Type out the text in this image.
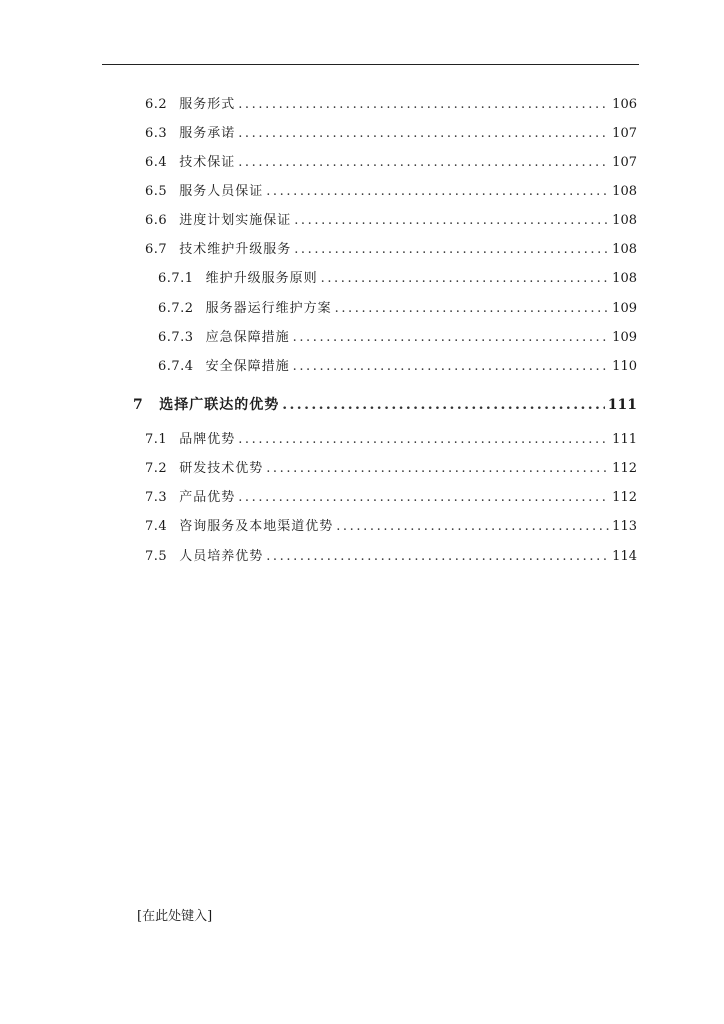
6.2 服务形式 .....	106
6.3 服务承诺 .....	107
6.4 技术保证 .....	107
6.5 服务人员保证 .....	108
6.6 进度计划实施保证 .....	108
6.7 技术维护升级服务 .....	108
6.7.1 维护升级服务原则 .....	108
6.7.2 服务器运行维护方案 .....	109
6.7.3 应急保障措施 .....	109
6.7.4 安全保障措施 .....	110
7 选择广联达的优势 .....	111
7.1 品牌优势 .....	111
7.2 研发技术优势 .....	112
7.3 产品优势 .....	112
7.4 咨询服务及本地渠道优势 .....	113
7.5 人员培养优势 .....	114
[在此处键入]
